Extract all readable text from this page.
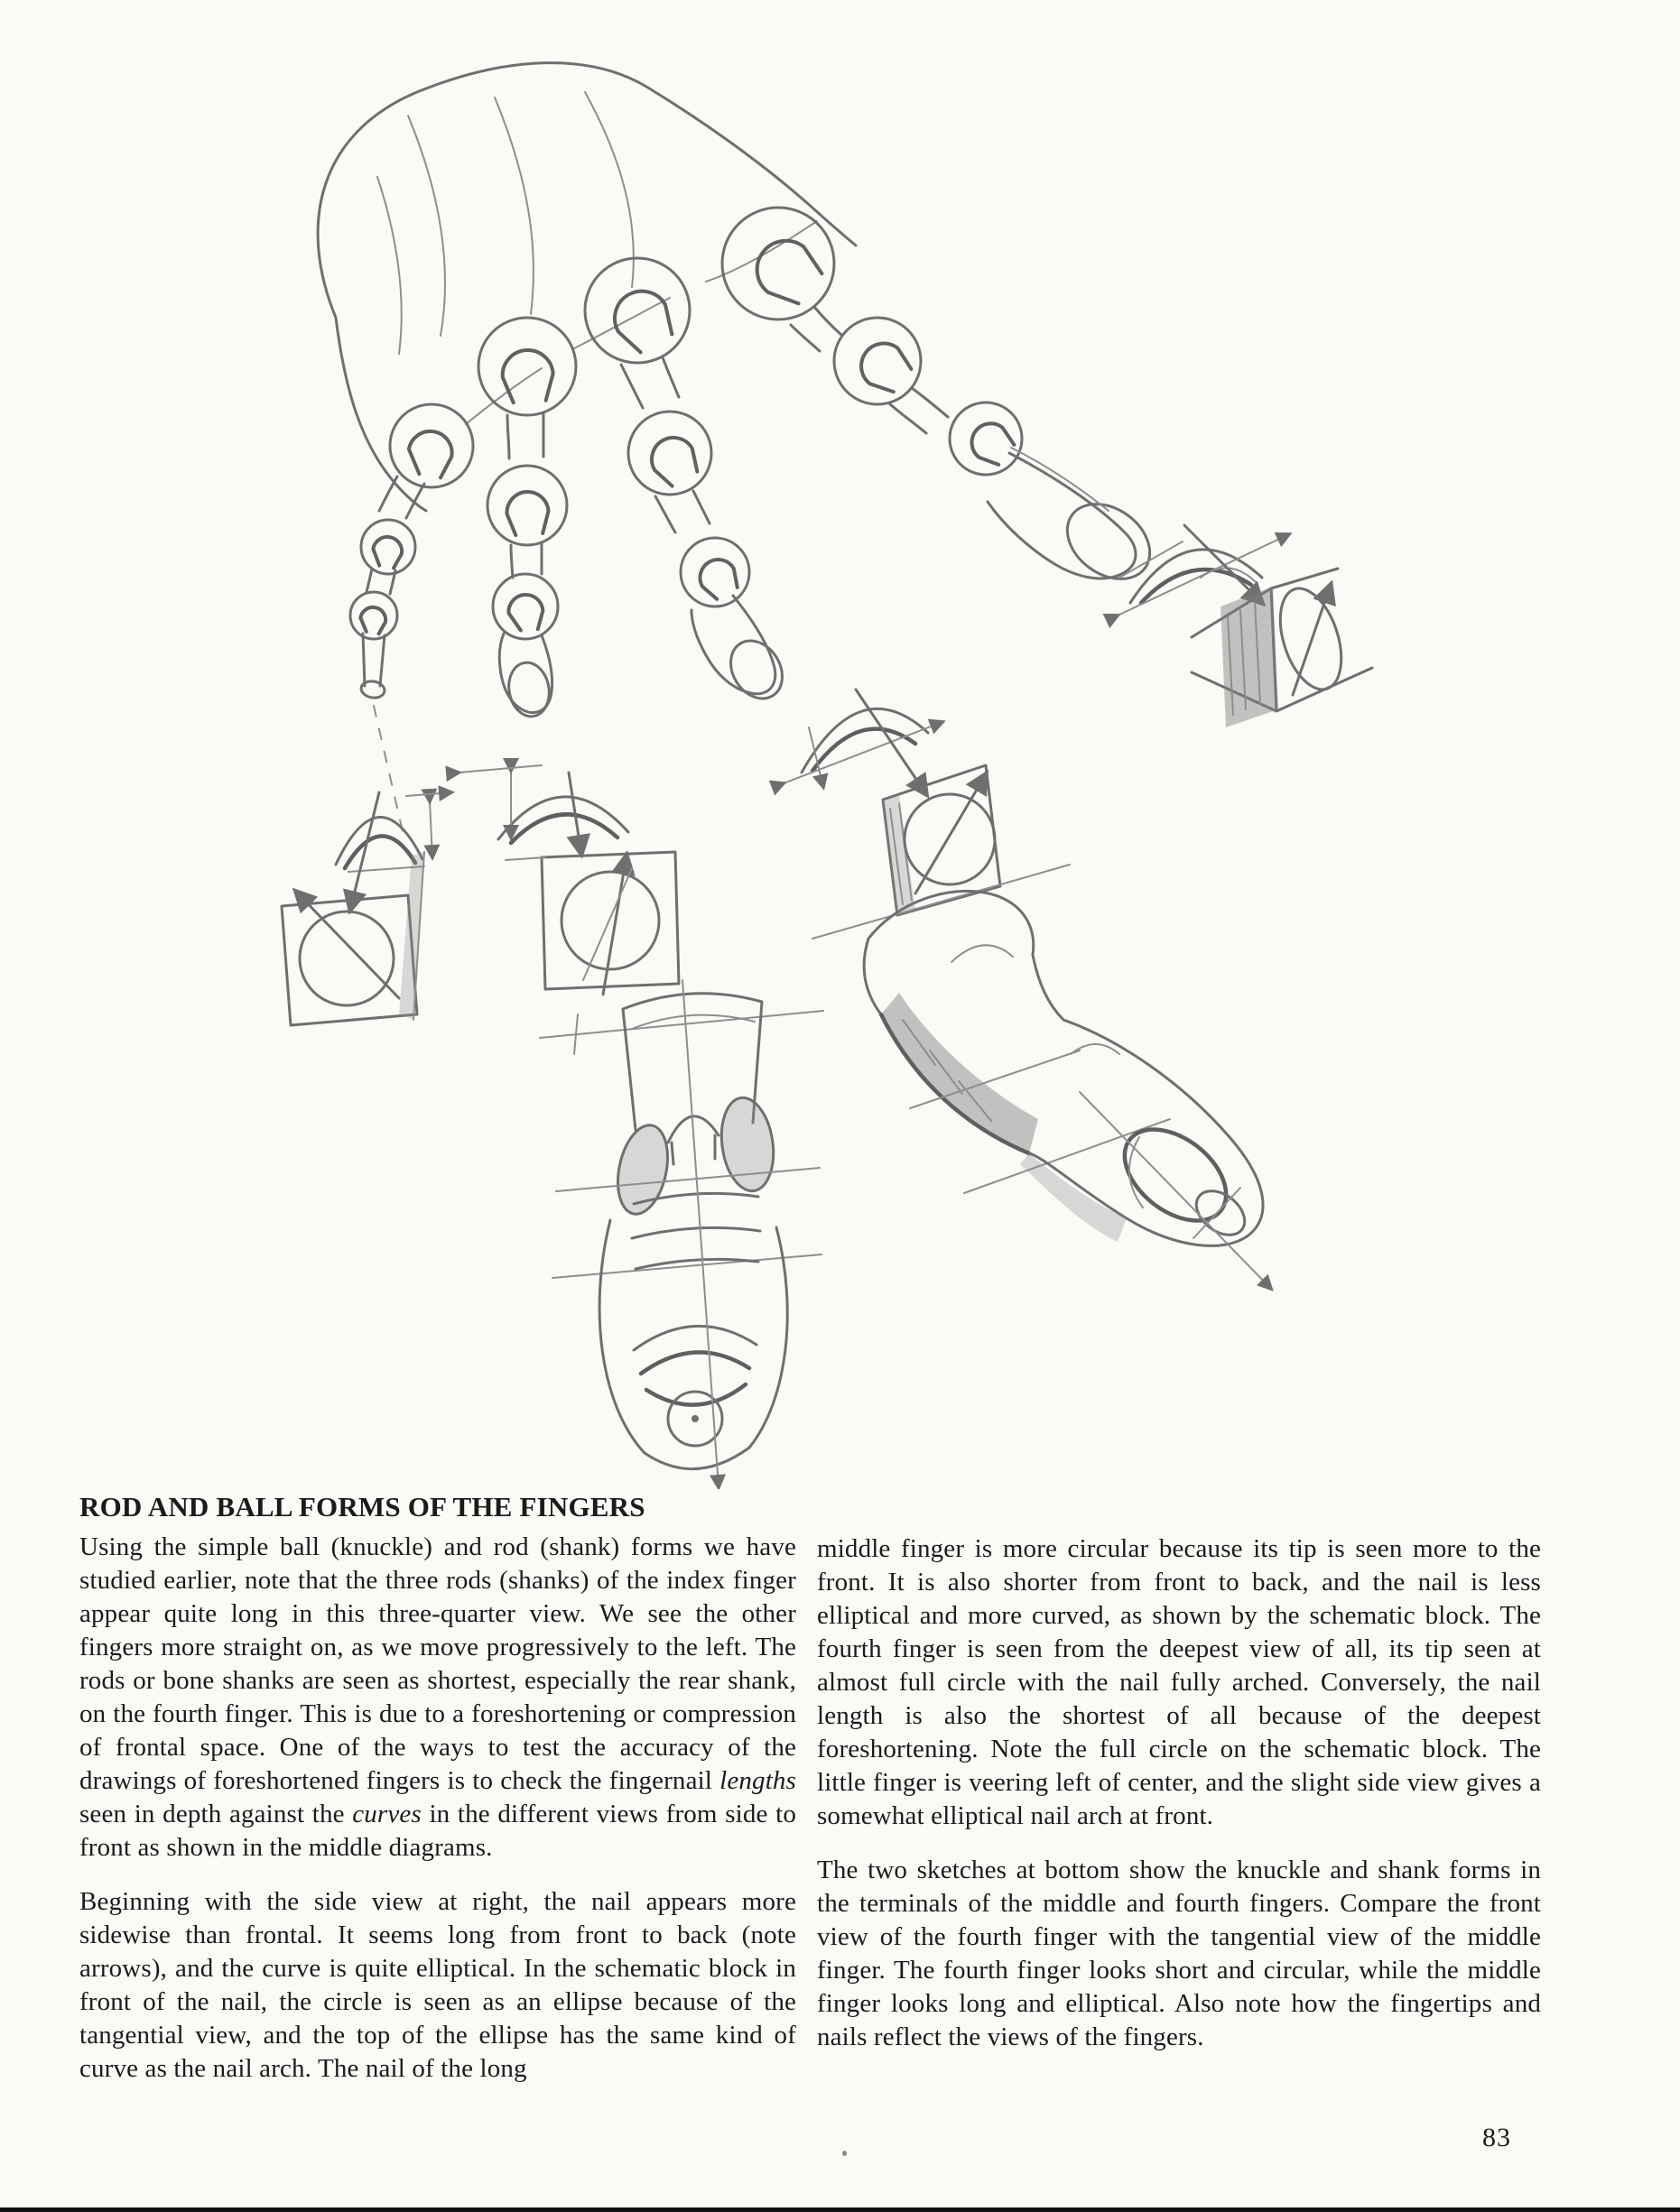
ROD AND BALL FORMS OF THE FINGERS

Using the simple ball (knuckle) and rod (shank) forms we have studied earlier, note that the three rods (shanks) of the index finger appear quite long in this three-quarter view. We see the other fingers more straight on, as we move progressively to the left. The rods or bone shanks are seen as shortest, especially the rear shank, on the fourth finger. This is due to a foreshortening or compression of frontal space. One of the ways to test the accuracy of the drawings of foreshortened fingers is to check the fingernail lengths seen in depth against the curves in the different views from side to front as shown in the middle diagrams.

Beginning with the side view at right, the nail appears more sidewise than frontal. It seems long from front to back (note arrows), and the curve is quite elliptical. In the schematic block in front of the nail, the circle is seen as an ellipse because of the tangential view, and the top of the ellipse has the same kind of curve as the nail arch. The nail of the long

middle finger is more circular because its tip is seen more to the front. It is also shorter from front to back, and the nail is less elliptical and more curved, as shown by the schematic block. The fourth finger is seen from the deepest view of all, its tip seen at almost full circle with the nail fully arched. Conversely, the nail length is also the shortest of all because of the deepest foreshortening. Note the full circle on the schematic block. The little finger is veering left of center, and the slight side view gives a somewhat elliptical nail arch at front.

The two sketches at bottom show the knuckle and shank forms in the terminals of the middle and fourth fingers. Compare the front view of the fourth finger with the tangential view of the middle finger. The fourth finger looks short and circular, while the middle finger looks long and elliptical. Also note how the fingertips and nails reflect the views of the fingers.

83
